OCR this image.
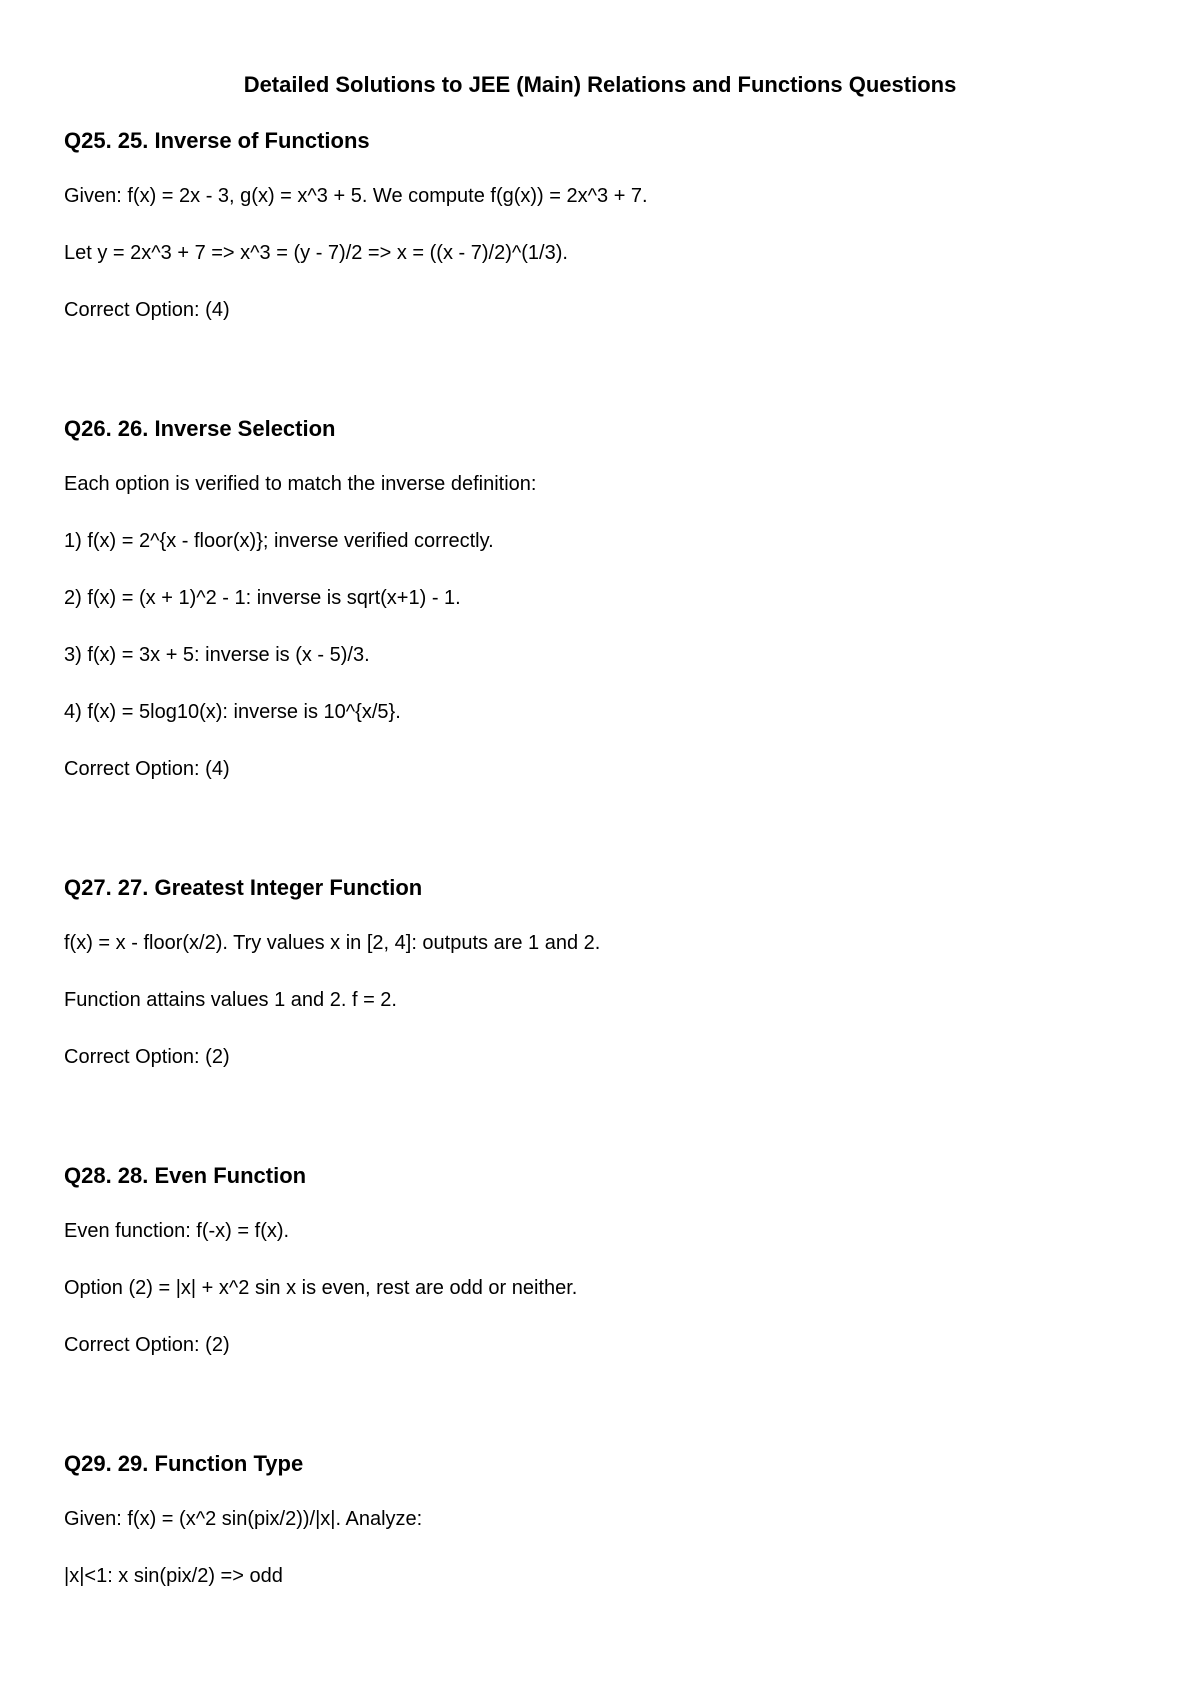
Detailed Solutions to JEE (Main) Relations and Functions Questions
Q25. 25. Inverse of Functions

Given: f(x) = 2x - 3, g(x) = x^3 + 5. We compute f(g(x)) = 2x^3 + 7.

Let y = 2x^3 + 7 => x^3 = (y - 7)/2 => x = ((x - 7)/2)^(1/3).

Correct Option: (4)

Q26. 26. Inverse Selection

Each option is verified to match the inverse definition:

1) f(x) = 2^{x - floor(x)}; inverse verified correctly.

2) f(x) = (x + 1)^2 - 1: inverse is sqrt(x+1) - 1.

3) f(x) = 3x + 5: inverse is (x - 5)/3.

4) f(x) = 5log10(x): inverse is 10^{x/5}.

Correct Option: (4)

Q27. 27. Greatest Integer Function

f(x) = x - floor(x/2). Try values x in [2, 4]: outputs are 1 and 2.

Function attains values 1 and 2. f = 2.

Correct Option: (2)

Q28. 28. Even Function

Even function: f(-x) = f(x).

Option (2) = |x| + x^2 sin x is even, rest are odd or neither.

Correct Option: (2)

Q29. 29. Function Type

Given: f(x) = (x^2 sin(pix/2))/|x|. Analyze:

|x|<1: x sin(pix/2) => odd
